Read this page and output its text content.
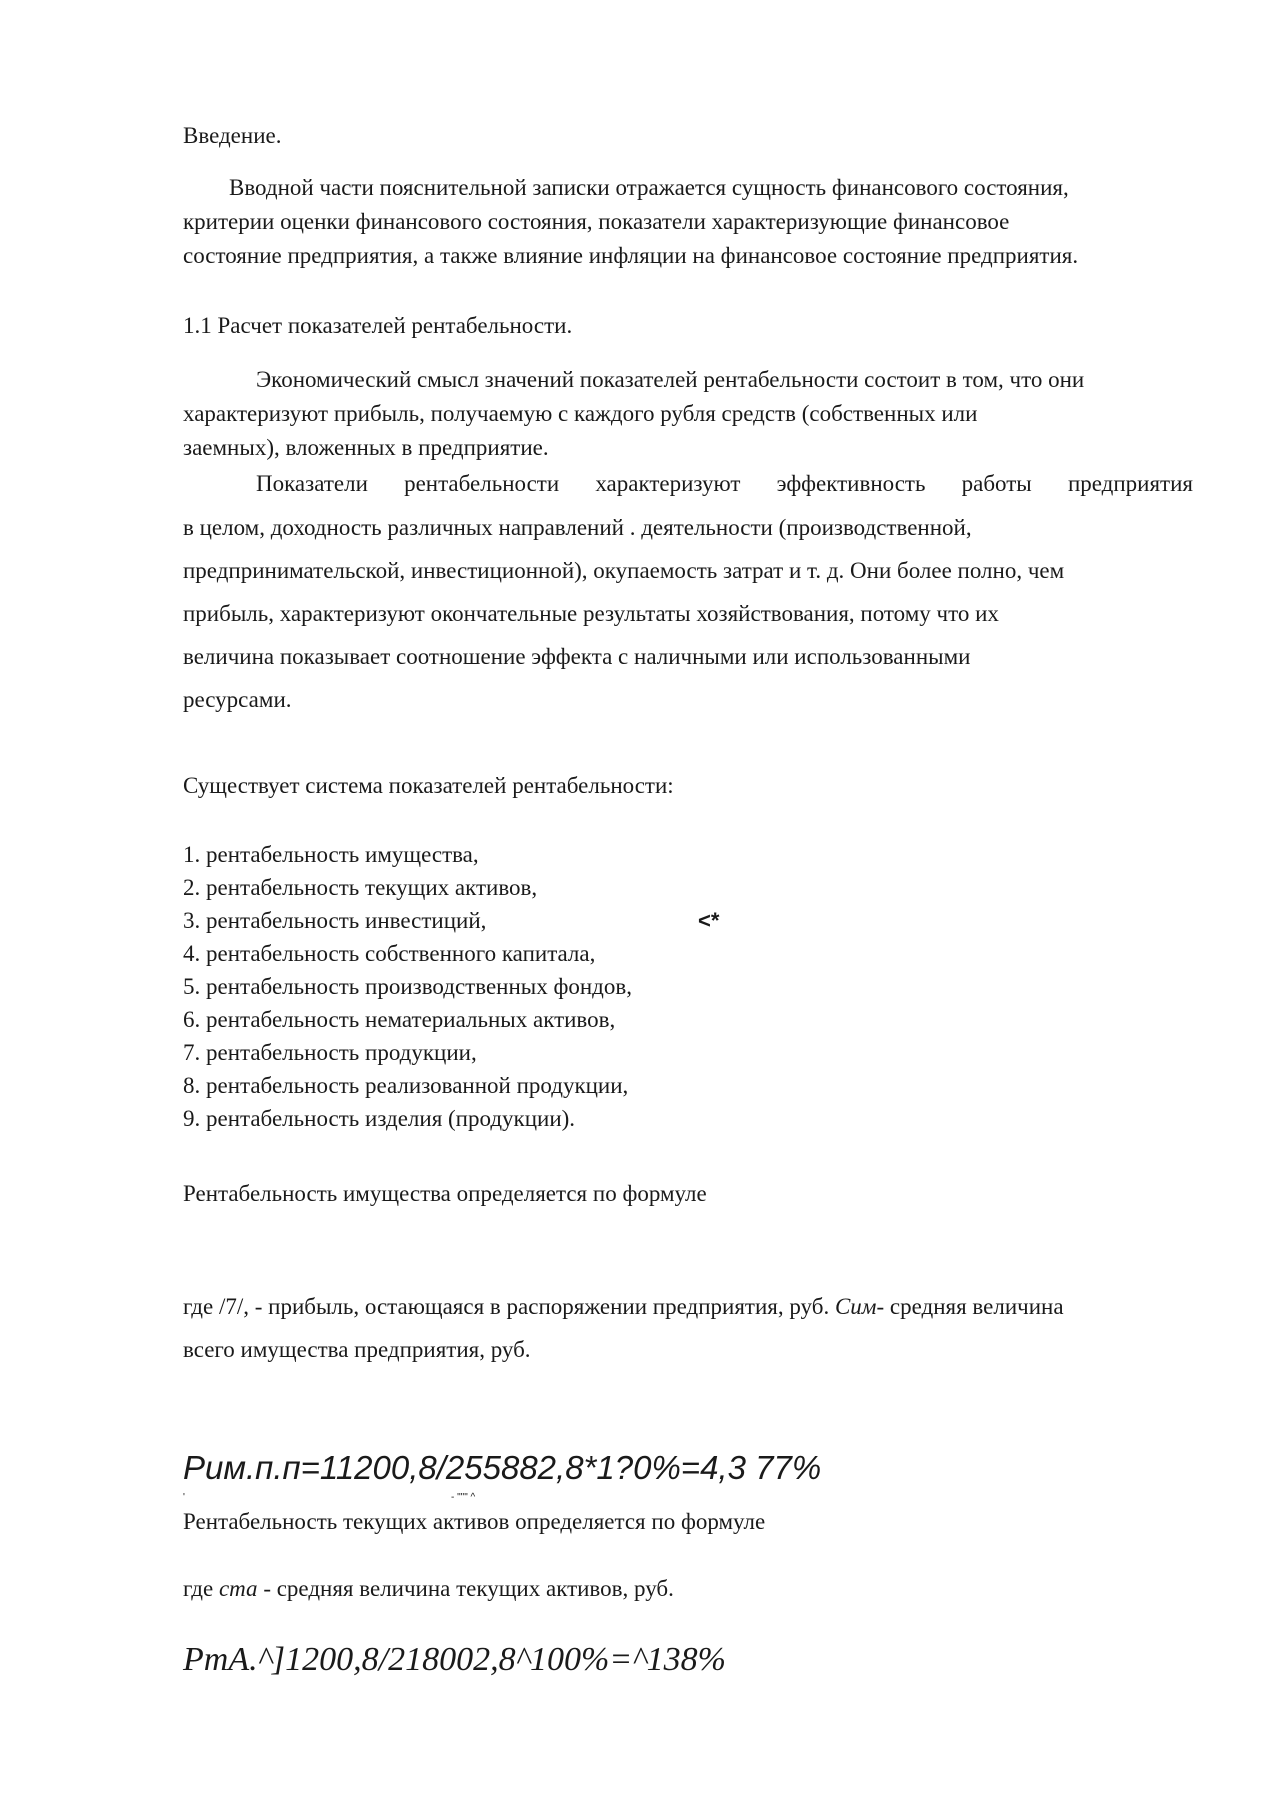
Введение.
Вводной части пояснительной записки отражается сущность финансового состояния,
критерии оценки финансового состояния, показатели характеризующие финансовое
состояние предприятия, а также влияние инфляции на финансовое состояние предприятия.
1.1 Расчет показателей рентабельности.
Экономический смысл значений показателей рентабельности состоит в том, что они
характеризуют прибыль, получаемую с каждого рубля средств (собственных или
заемных), вложенных в предприятие.
Показатели рентабельности характеризуют эффективность работы предприятия
в целом, доходность различных направлений . деятельности (производственной,
предпринимательской, инвестиционной), окупаемость затрат и т. д. Они более полно, чем
прибыль, характеризуют окончательные результаты хозяйствования, потому что их
величина показывает соотношение эффекта с наличными или использованными
ресурсами.
Существует система показателей рентабельности:
1. рентабельность имущества,
2. рентабельность текущих активов,
3. рентабельность инвестиций,	<*
4. рентабельность собственного капитала,
5. рентабельность производственных фондов,
6. рентабельность нематериальных активов,
7. рентабельность продукции,
8. рентабельность реализованной продукции,
9. рентабельность изделия (продукции).
Рентабельность имущества определяется по формуле
где /7/, - прибыль, остающаяся в распоряжении предприятия, руб. Сим- средняя величина
всего имущества предприятия, руб.
Рим.п.п=11200,8/255882,8*1?0%=4,3 77%
'	- """ ^
Рентабельность текущих активов определяется по формуле
где ста - средняя величина текущих активов, руб.
PmA.^]1200,8/218002,8^100%=^138%
